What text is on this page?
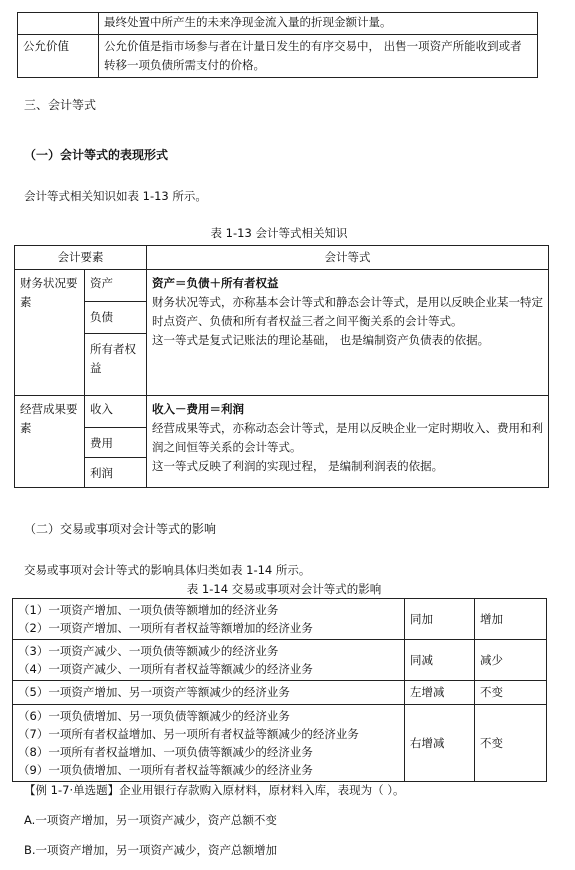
	最终处置中所产生的未来净现金流入量的折现金额计量。
公允价值	公允价值是指市场参与者在计量日发生的有序交易中， 出售一项资产所能收到或者转移一项负债所需支付的价格。
三、会计等式
（一）会计等式的表现形式
会计等式相关知识如表 1-13 所示。
表 1-13 会计等式相关知识
会计要素		会计等式
财务状况要素	资产	资产＝负债＋所有者权益
财务状况等式，亦称基本会计等式和静态会计等式，是用以反映企业某一特定时点资产、负债和所有者权益三者之间平衡关系的会计等式。
这一等式是复式记账法的理论基础， 也是编制资产负债表的依据。

	负债	
	所有者权益	
经营成果要素	收入	收入－费用＝利润
经营成果等式，亦称动态会计等式，是用以反映企业一定时期收入、费用和利润之间恒等关系的会计等式。
这一等式反映了利润的实现过程， 是编制利润表的依据。

	费用	
	利润	
（二）交易或事项对会计等式的影响
交易或事项对会计等式的影响具体归类如表 1-14 所示。
表 1-14 交易或事项对会计等式的影响
（1）一项资产增加、一项负债等额增加的经济业务
（2）一项资产增加、一项所有者权益等额增加的经济业务	同加	增加

（3）一项资产减少、一项负债等额减少的经济业务
（4）一项资产减少、一项所有者权益等额减少的经济业务	同减	减少

（5）一项资产增加、另一项资产等额减少的经济业务	左增减	不变

（6）一项负债增加、另一项负债等额减少的经济业务
（7）一项所有者权益增加、另一项所有者权益等额减少的经济业务
（8）一项所有者权益增加、一项负债等额减少的经济业务
（9）一项负债增加、一项所有者权益等额减少的经济业务	右增减	不变
【例 1-7·单选题】企业用银行存款购入原材料，原材料入库，表现为（ ）。
A.一项资产增加，另一项资产减少，资产总额不变
B.一项资产增加，另一项资产减少，资产总额增加
